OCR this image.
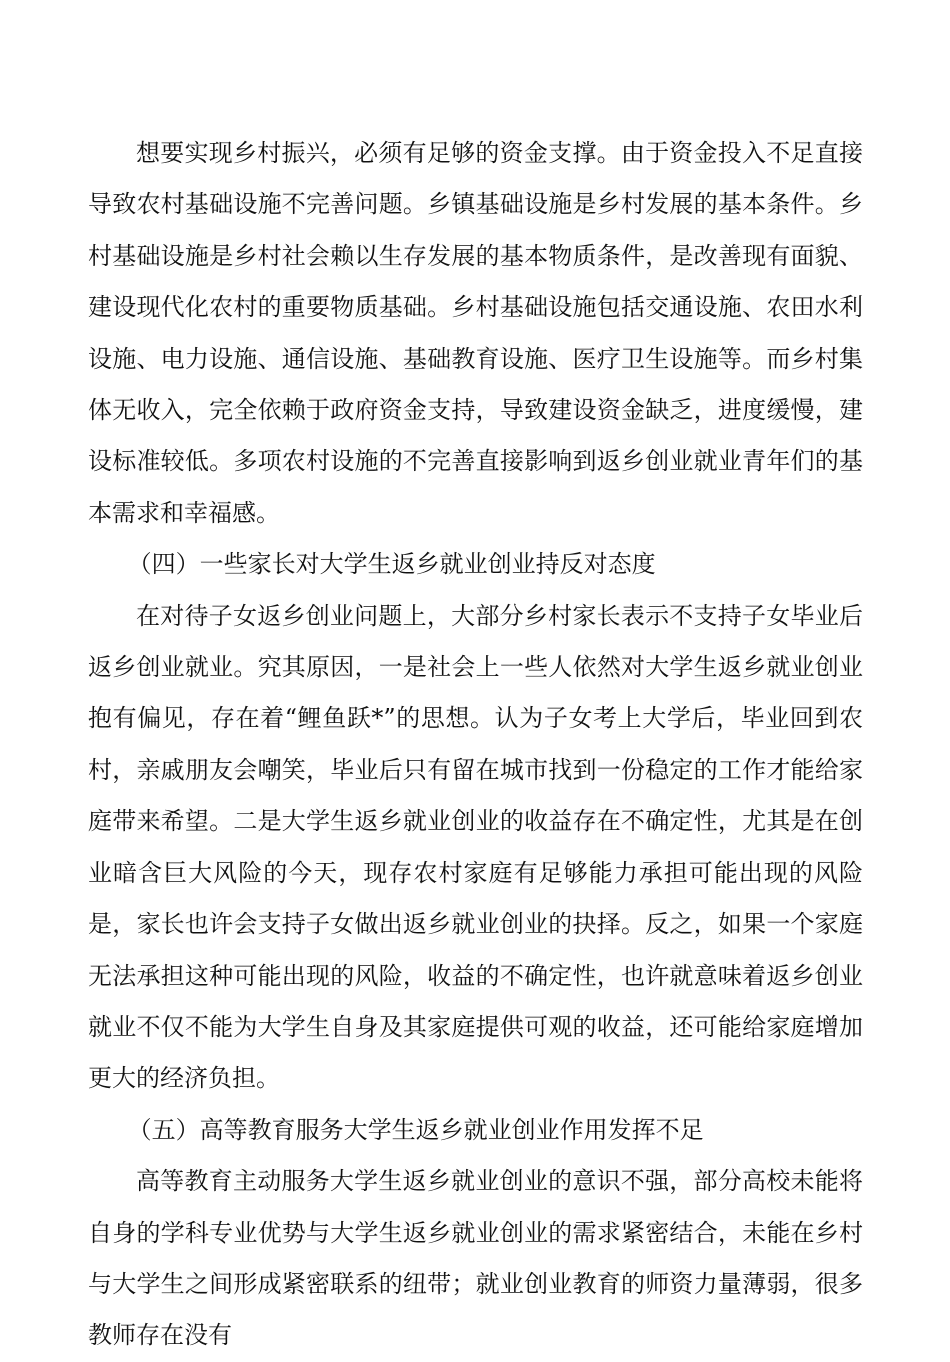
想要实现乡村振兴，必须有足够的资金支撑。由于资金投入不足直接导致农村基础设施不完善问题。乡镇基础设施是乡村发展的基本条件。乡村基础设施是乡村社会赖以生存发展的基本物质条件，是改善现有面貌、建设现代化农村的重要物质基础。乡村基础设施包括交通设施、农田水利设施、电力设施、通信设施、基础教育设施、医疗卫生设施等。而乡村集体无收入，完全依赖于政府资金支持，导致建设资金缺乏，进度缓慢，建设标准较低。多项农村设施的不完善直接影响到返乡创业就业青年们的基本需求和幸福感。

（四）一些家长对大学生返乡就业创业持反对态度

在对待子女返乡创业问题上，大部分乡村家长表示不支持子女毕业后返乡创业就业。究其原因，一是社会上一些人依然对大学生返乡就业创业抱有偏见，存在着“鲤鱼跃*”的思想。认为子女考上大学后，毕业回到农村，亲戚朋友会嘲笑，毕业后只有留在城市找到一份稳定的工作才能给家庭带来希望。二是大学生返乡就业创业的收益存在不确定性，尤其是在创业暗含巨大风险的今天，现存农村家庭有足够能力承担可能出现的风险是，家长也许会支持子女做出返乡就业创业的抉择。反之，如果一个家庭无法承担这种可能出现的风险，收益的不确定性，也许就意味着返乡创业就业不仅不能为大学生自身及其家庭提供可观的收益，还可能给家庭增加更大的经济负担。

（五）高等教育服务大学生返乡就业创业作用发挥不足

高等教育主动服务大学生返乡就业创业的意识不强，部分高校未能将自身的学科专业优势与大学生返乡就业创业的需求紧密结合，未能在乡村与大学生之间形成紧密联系的纽带；就业创业教育的师资力量薄弱，很多教师存在没有
